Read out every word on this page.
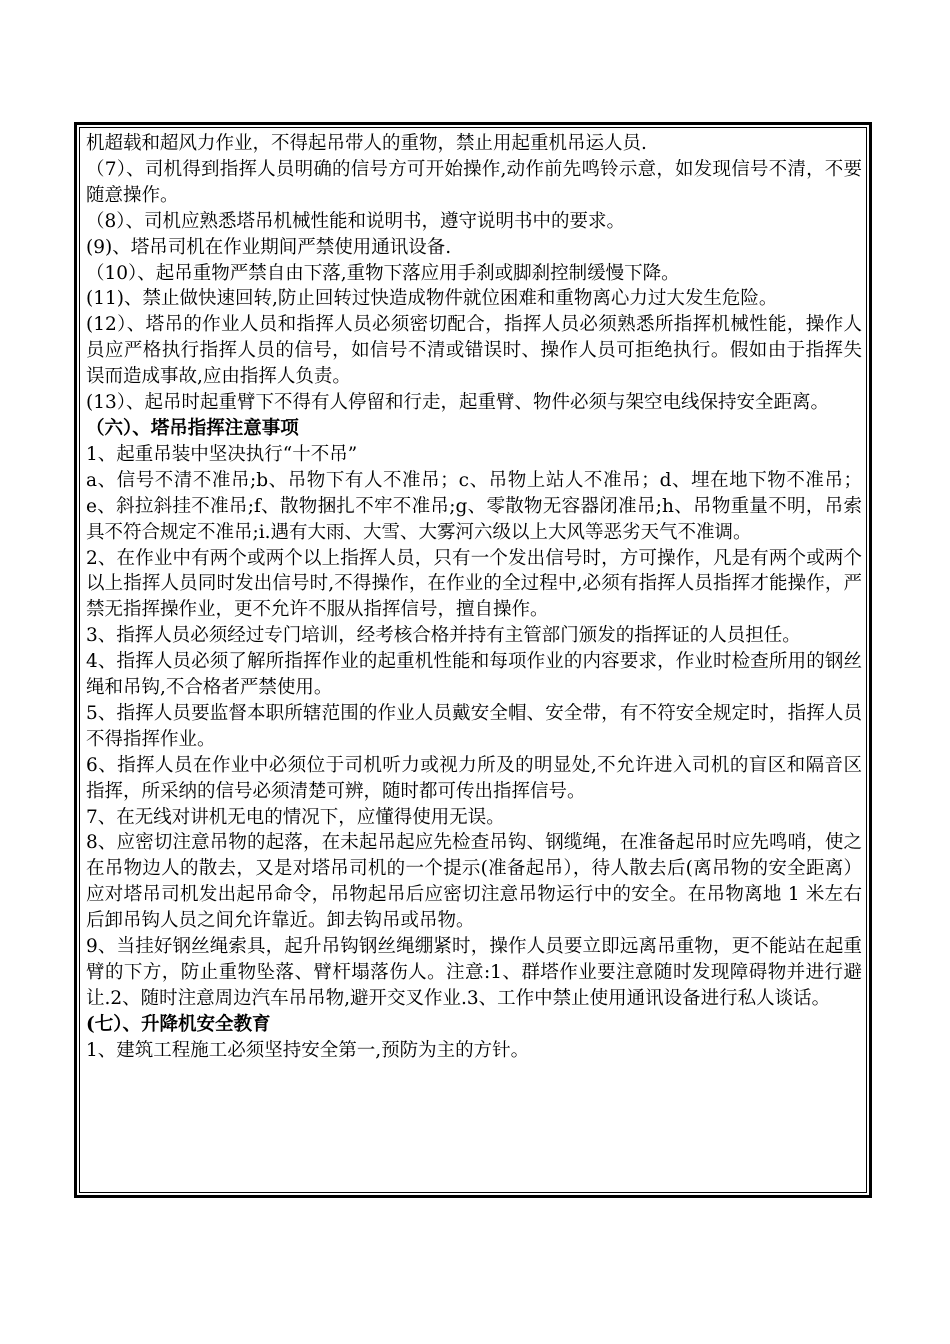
机超载和超风力作业，不得起吊带人的重物，禁止用起重机吊运人员.

（7）、司机得到指挥人员明确的信号方可开始操作,动作前先鸣铃示意，如发现信号不清，不要随意操作。

（8）、司机应熟悉塔吊机械性能和说明书，遵守说明书中的要求。

(9)、塔吊司机在作业期间严禁使用通讯设备.

（10）、起吊重物严禁自由下落,重物下落应用手刹或脚刹控制缓慢下降。

(11)、禁止做快速回转,防止回转过快造成物件就位困难和重物离心力过大发生危险。

(12）、塔吊的作业人员和指挥人员必须密切配合，指挥人员必须熟悉所指挥机械性能，操作人员应严格执行指挥人员的信号，如信号不清或错误时、操作人员可拒绝执行。假如由于指挥失误而造成事故,应由指挥人负责。

(13）、起吊时起重臂下不得有人停留和行走，起重臂、物件必须与架空电线保持安全距离。

（六）、塔吊指挥注意事项

1、起重吊装中坚决执行“十不吊”

a、信号不清不准吊;b、吊物下有人不准吊；c、吊物上站人不准吊；d、埋在地下物不准吊；e、斜拉斜挂不准吊;f、散物捆扎不牢不准吊;g、零散物无容器闭准吊;h、吊物重量不明，吊索具不符合规定不准吊;i.遇有大雨、大雪、大雾河六级以上大风等恶劣天气不准调。

2、在作业中有两个或两个以上指挥人员，只有一个发出信号时，方可操作，凡是有两个或两个以上指挥人员同时发出信号时,不得操作，在作业的全过程中,必须有指挥人员指挥才能操作，严禁无指挥操作业，更不允许不服从指挥信号，擅自操作。

3、指挥人员必须经过专门培训，经考核合格并持有主管部门颁发的指挥证的人员担任。

4、指挥人员必须了解所指挥作业的起重机性能和每项作业的内容要求，作业时检查所用的钢丝绳和吊钩,不合格者严禁使用。

5、指挥人员要监督本职所辖范围的作业人员戴安全帽、安全带，有不符安全规定时，指挥人员不得指挥作业。

6、指挥人员在作业中必须位于司机听力或视力所及的明显处,不允许进入司机的盲区和隔音区指挥，所采纳的信号必须清楚可辨，随时都可传出指挥信号。

7、在无线对讲机无电的情况下，应懂得使用无误。

8、应密切注意吊物的起落，在未起吊起应先检查吊钩、钢缆绳，在准备起吊时应先鸣哨，使之在吊物边人的散去，又是对塔吊司机的一个提示(准备起吊），待人散去后(离吊物的安全距离）应对塔吊司机发出起吊命令，吊物起吊后应密切注意吊物运行中的安全。在吊物离地 1 米左右后卸吊钩人员之间允许靠近。卸去钩吊或吊物。

9、当挂好钢丝绳索具，起升吊钩钢丝绳绷紧时，操作人员要立即远离吊重物，更不能站在起重臂的下方，防止重物坠落、臂杆塌落伤人。注意:1、群塔作业要注意随时发现障碍物并进行避让.2、随时注意周边汽车吊吊物,避开交叉作业.3、工作中禁止使用通讯设备进行私人谈话。

(七）、升降机安全教育

1、建筑工程施工必须坚持安全第一,预防为主的方针。
